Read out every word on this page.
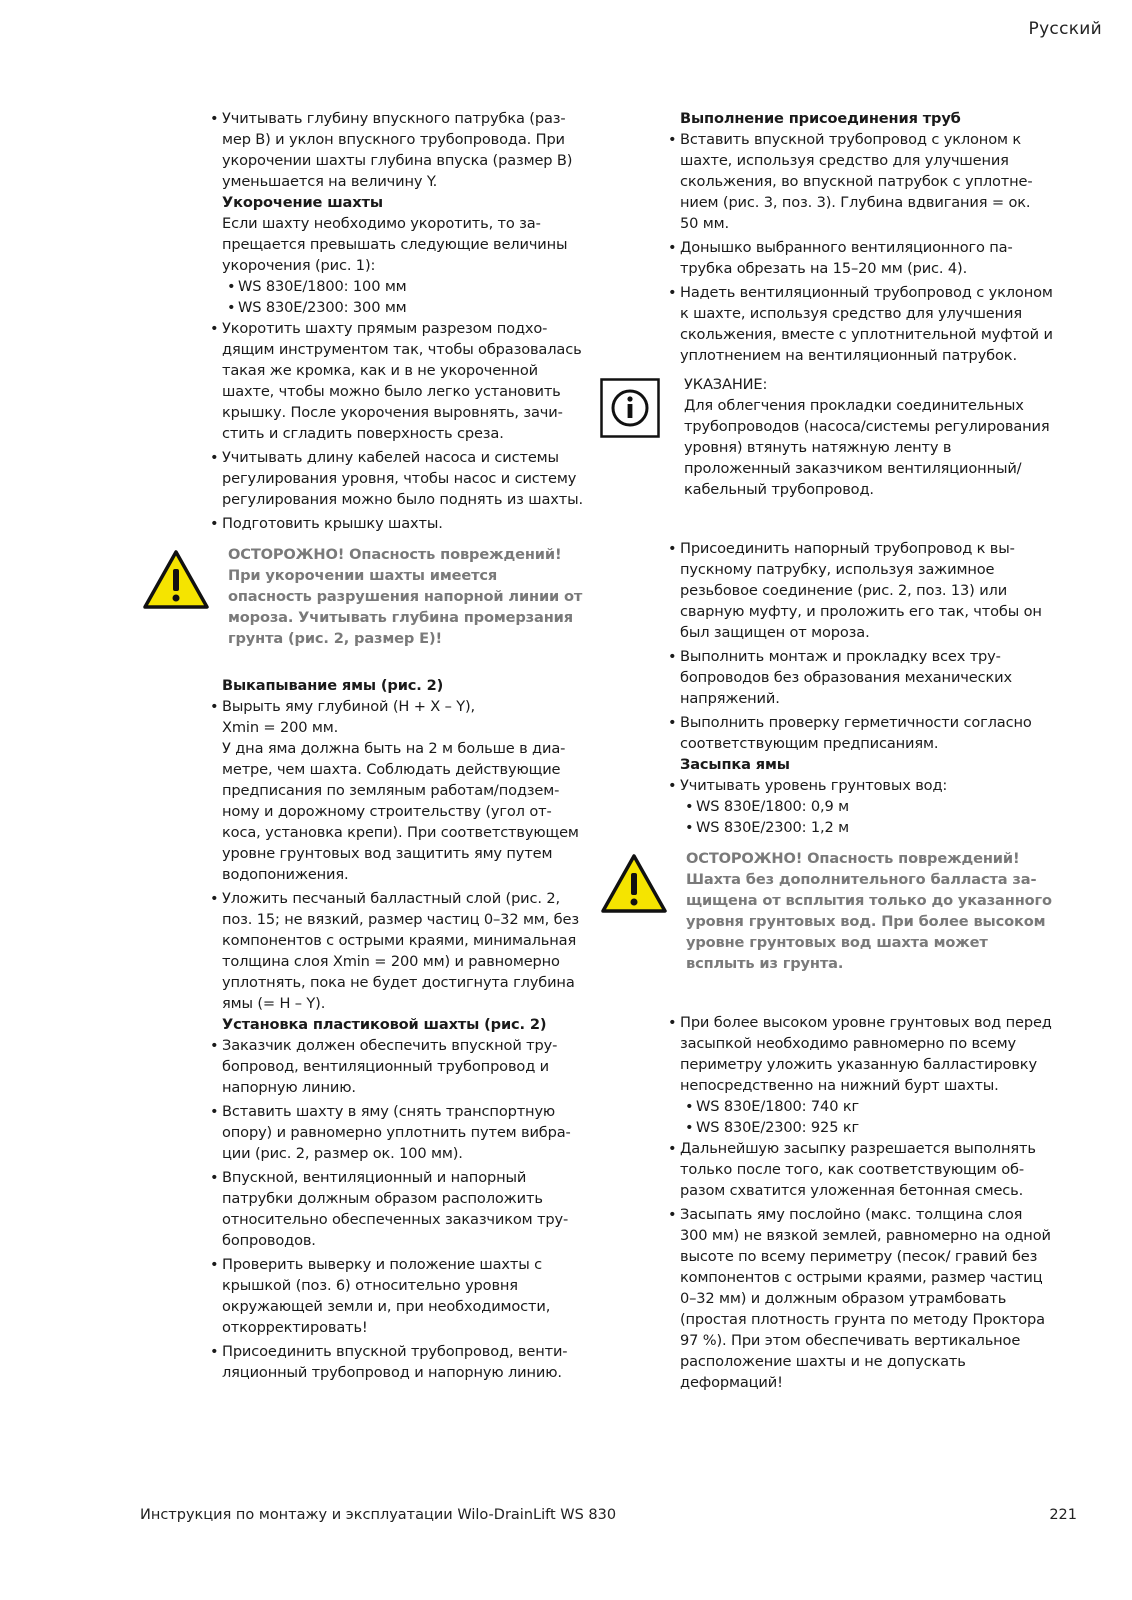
Русский

• Учитывать глубину впускного патрубка (размер B) и уклон впускного трубопровода. При укорочении шахты глубина впуска (размер B) уменьшается на величину Y.

Укорочение шахты

Если шахту необходимо укоротить, то запрещается превышать следующие величины укорочения (рис. 1):

• WS 830E/1800: 100 мм

• WS 830E/2300: 300 мм

• Укоротить шахту прямым разрезом подходящим инструментом так, чтобы образовалась такая же кромка, как и в не укороченной шахте, чтобы можно было легко установить крышку. После укорочения выровнять, зачистить и сгладить поверхность среза.

• Учитывать длину кабелей насоса и системы регулирования уровня, чтобы насос и систему регулирования можно было поднять из шахты.

• Подготовить крышку шахты.

ОСТОРОЖНО! Опасность повреждений! При укорочении шахты имеется опасность разрушения напорной линии от мороза. Учитывать глубина промерзания грунта (рис. 2, размер E)!

Выкапывание ямы (рис. 2)

• Вырыть яму глубиной (H + X – Y),

Xmin = 200 мм.

У дна яма должна быть на 2 м больше в диаметре, чем шахта. Соблюдать действующие предписания по земляным работам/подземному и дорожному строительству (угол откоса, установка крепи). При соответствующем уровне грунтовых вод защитить яму путем водопонижения.

• Уложить песчаный балластный слой (рис. 2, поз. 15; не вязкий, размер частиц 0–32 мм, без компонентов с острыми краями, минимальная толщина слоя Xmin = 200 мм) и равномерно уплотнять, пока не будет достигнута глубина ямы (= H – Y).

Установка пластиковой шахты (рис. 2)

• Заказчик должен обеспечить впускной трубопровод, вентиляционный трубопровод и напорную линию.

• Вставить шахту в яму (снять транспортную опору) и равномерно уплотнить путем вибрации (рис. 2, размер ок. 100 мм).

• Впускной, вентиляционный и напорный патрубки должным образом расположить относительно обеспеченных заказчиком трубопроводов.

• Проверить выверку и положение шахты с крышкой (поз. 6) относительно уровня окружающей земли и, при необходимости, откорректировать!

• Присоединить впускной трубопровод, вентиляционный трубопровод и напорную линию.

Выполнение присоединения труб

• Вставить впускной трубопровод с уклоном к шахте, используя средство для улучшения скольжения, во впускной патрубок с уплотнением (рис. 3, поз. 3). Глубина вдвигания = ок. 50 мм.

• Донышко выбранного вентиляционного патрубка обрезать на 15–20 мм (рис. 4).

• Надеть вентиляционный трубопровод с уклоном к шахте, используя средство для улучшения скольжения, вместе с уплотнительной муфтой и уплотнением на вентиляционный патрубок.

УКАЗАНИЕ:

Для облегчения прокладки соединительных трубопроводов (насоса/системы регулирования уровня) втянуть натяжную ленту в проложенный заказчиком вентиляционный/ кабельный трубопровод.

• Присоединить напорный трубопровод к выпускному патрубку, используя зажимное резьбовое соединение (рис. 2, поз. 13) или сварную муфту, и проложить его так, чтобы он был защищен от мороза.

• Выполнить монтаж и прокладку всех трубопроводов без образования механических напряжений.

• Выполнить проверку герметичности согласно соответствующим предписаниям.

Засыпка ямы

• Учитывать уровень грунтовых вод:

• WS 830E/1800: 0,9 м

• WS 830E/2300: 1,2 м

ОСТОРОЖНО! Опасность повреждений! Шахта без дополнительного балласта защищена от всплытия только до указанного уровня грунтовых вод. При более высоком уровне грунтовых вод шахта может всплыть из грунта.

• При более высоком уровне грунтовых вод перед засыпкой необходимо равномерно по всему периметру уложить указанную балластировку непосредственно на нижний бурт шахты.

• WS 830E/1800: 740 кг

• WS 830E/2300: 925 кг

• Дальнейшую засыпку разрешается выполнять только после того, как соответствующим образом схватится уложенная бетонная смесь.

• Засыпать яму послойно (макс. толщина слоя 300 мм) не вязкой землей, равномерно на одной высоте по всему периметру (песок/ гравий без компонентов с острыми краями, размер частиц 0–32 мм) и должным образом утрамбовать (простая плотность грунта по методу Проктора 97 %). При этом обеспечивать вертикальное расположение шахты и не допускать деформаций!

Инструкция по монтажу и эксплуатации Wilo-DrainLift WS 830	221
